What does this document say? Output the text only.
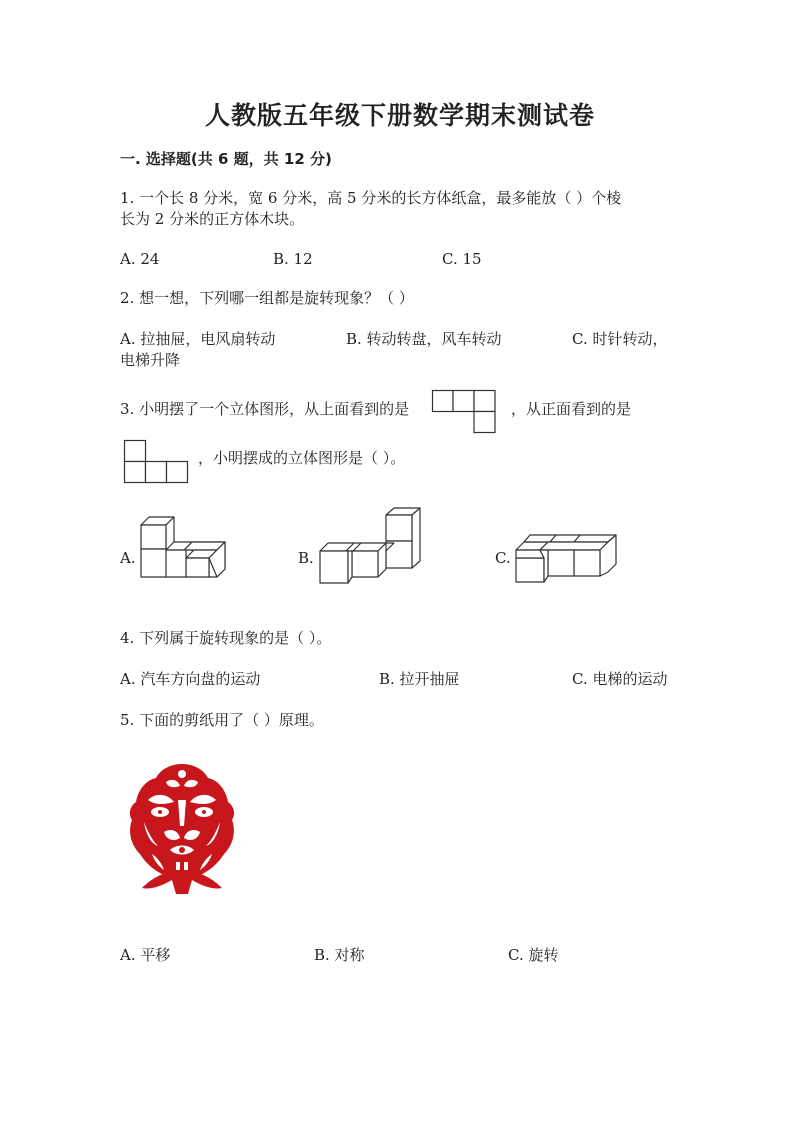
人教版五年级下册数学期末测试卷
一. 选择题(共 6 题，共 12 分)
1. 一个长 8 分米，宽 6 分米，高 5 分米的长方体纸盒，最多能放（ ）个棱
长为 2 分米的正方体木块。
A. 24	B. 12	C. 15
2. 想一想，下列哪一组都是旋转现象？（ ）
A. 拉抽屉，电风扇转动	B. 转动转盘，风车转动	C. 时针转动，
电梯升降
3. 小明摆了一个立体图形，从上面看到的是	，从正面看到的是
，小明摆成的立体图形是（ ）。
A.	B.	C.
4. 下列属于旋转现象的是（ ）。
A. 汽车方向盘的运动	B. 拉开抽屉	C. 电梯的运动
5. 下面的剪纸用了（ ）原理。
A. 平移	B. 对称	C. 旋转
